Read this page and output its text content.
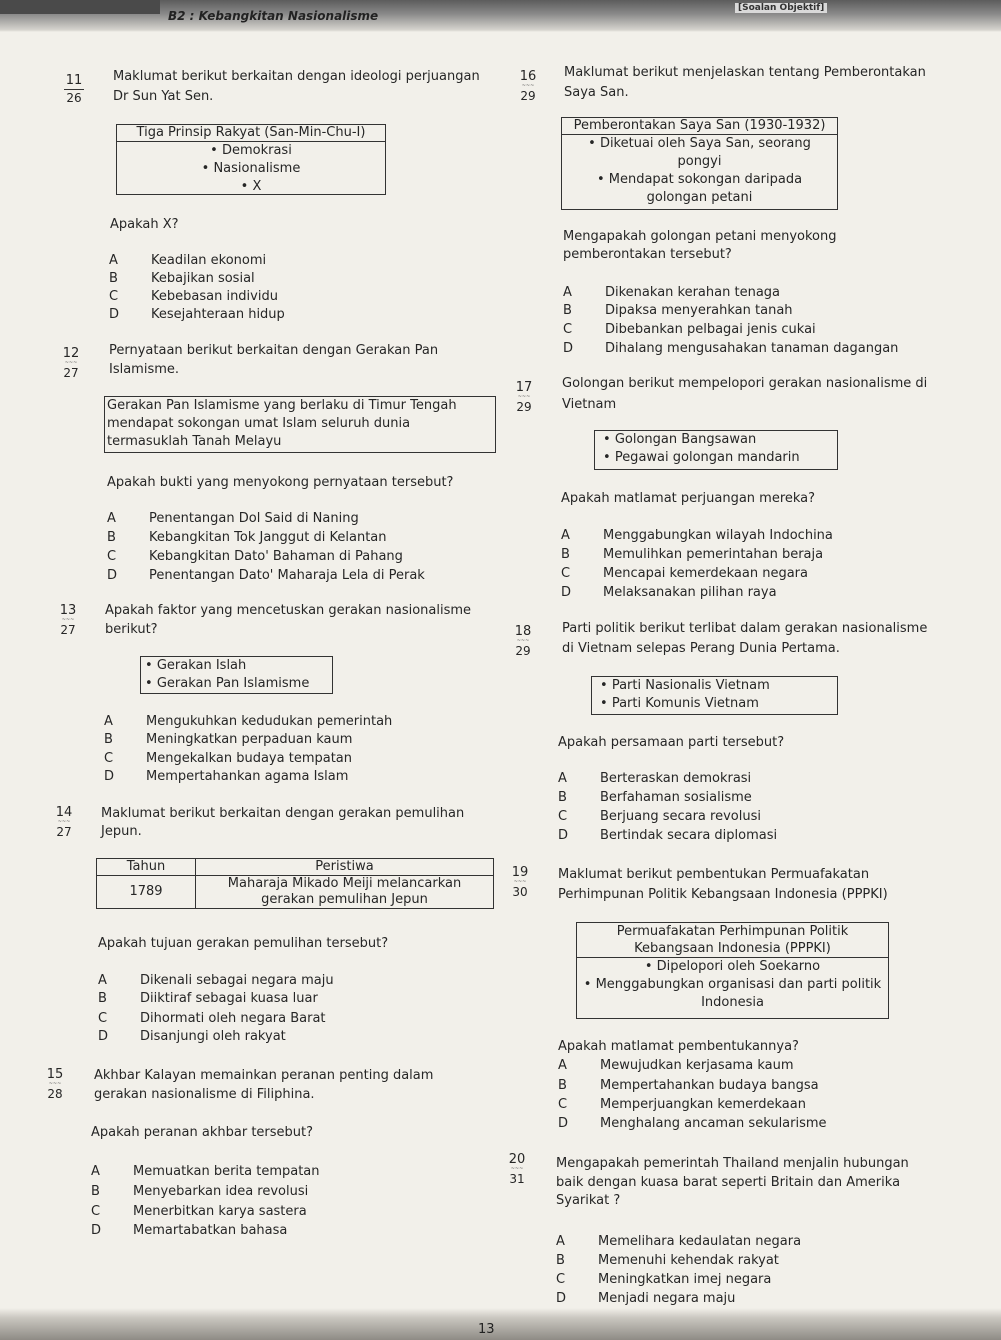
B2 : Kebangkitan Nasionalisme
[Soalan Objektif]
11
26
Maklumat berikut berkaitan dengan ideologi perjuangan
Dr Sun Yat Sen.
Tiga Prinsip Rakyat (San-Min-Chu-I)
• Demokrasi
• Nasionalisme
• X
Apakah X?
A	Keadilan ekonomi
B	Kebajikan sosial
C	Kebebasan individu
D Kesejahteraan hidup
12
~~~
27
Pernyataan berikut berkaitan dengan Gerakan Pan
Islamisme.
Gerakan Pan Islamisme yang berlaku di Timur Tengah
mendapat sokongan umat Islam seluruh dunia
termasuklah Tanah Melayu
Apakah bukti yang menyokong pernyataan tersebut?
A	Penentangan Dol Said di Naning
B	Kebangkitan Tok Janggut di Kelantan
C	Kebangkitan Dato' Bahaman di Pahang
D Penentangan Dato' Maharaja Lela di Perak
13
~~~
27
Apakah faktor yang mencetuskan gerakan nasionalisme
berikut?
• Gerakan Islah
• Gerakan Pan Islamisme
A	Mengukuhkan kedudukan pemerintah
B	Meningkatkan perpaduan kaum
C	Mengekalkan budaya tempatan
D Mempertahankan agama Islam
14
~~~
27
Maklumat berikut berkaitan dengan gerakan pemulihan
Jepun.
Tahun	Peristiwa
1789	Maharaja Mikado Meiji melancarkan
gerakan pemulihan Jepun
Apakah tujuan gerakan pemulihan tersebut?
A	Dikenali sebagai negara maju
B	Diiktiraf sebagai kuasa luar
C	Dihormati oleh negara Barat
D Disanjungi oleh rakyat
15
~~~
28
Akhbar Kalayan memainkan peranan penting dalam
gerakan nasionalisme di Filiphina.
Apakah peranan akhbar tersebut?
A	Memuatkan berita tempatan
B	Menyebarkan idea revolusi
C	Menerbitkan karya sastera
D Memartabatkan bahasa
16
~~~
29
Maklumat berikut menjelaskan tentang Pemberontakan
Saya San.
Pemberontakan Saya San (1930-1932)
• Diketuai oleh Saya San, seorang
pongyi
• Mendapat sokongan daripada
golongan petani
Mengapakah golongan petani menyokong
pemberontakan tersebut?
A	Dikenakan kerahan tenaga
B	Dipaksa menyerahkan tanah
C	Dibebankan pelbagai jenis cukai
D Dihalang mengusahakan tanaman dagangan
17
~~~
29
Golongan berikut mempelopori gerakan nasionalisme di
Vietnam
• Golongan Bangsawan
• Pegawai golongan mandarin
Apakah matlamat perjuangan mereka?
A	Menggabungkan wilayah Indochina
B	Memulihkan pemerintahan beraja
C	Mencapai kemerdekaan negara
D Melaksanakan pilihan raya
18
~~~
29
Parti politik berikut terlibat dalam gerakan nasionalisme
di Vietnam selepas Perang Dunia Pertama.
• Parti Nasionalis Vietnam
• Parti Komunis Vietnam
Apakah persamaan parti tersebut?
A	Berteraskan demokrasi
B	Berfahaman sosialisme
C	Berjuang secara revolusi
D Bertindak secara diplomasi
19
~~~
30
Maklumat berikut pembentukan Permuafakatan
Perhimpunan Politik Kebangsaan Indonesia (PPPKI)
Permuafakatan Perhimpunan Politik
Kebangsaan Indonesia (PPPKI)
• Dipelopori oleh Soekarno
• Menggabungkan organisasi dan parti politik
Indonesia
Apakah matlamat pembentukannya?
A	Mewujudkan kerjasama kaum
B	Mempertahankan budaya bangsa
C	Memperjuangkan kemerdekaan
D Menghalang ancaman sekularisme
20
~~~
31
Mengapakah pemerintah Thailand menjalin hubungan
baik dengan kuasa barat seperti Britain dan Amerika
Syarikat ?
A	Memelihara kedaulatan negara
B	Memenuhi kehendak rakyat
C	Meningkatkan imej negara
D Menjadi negara maju
13
